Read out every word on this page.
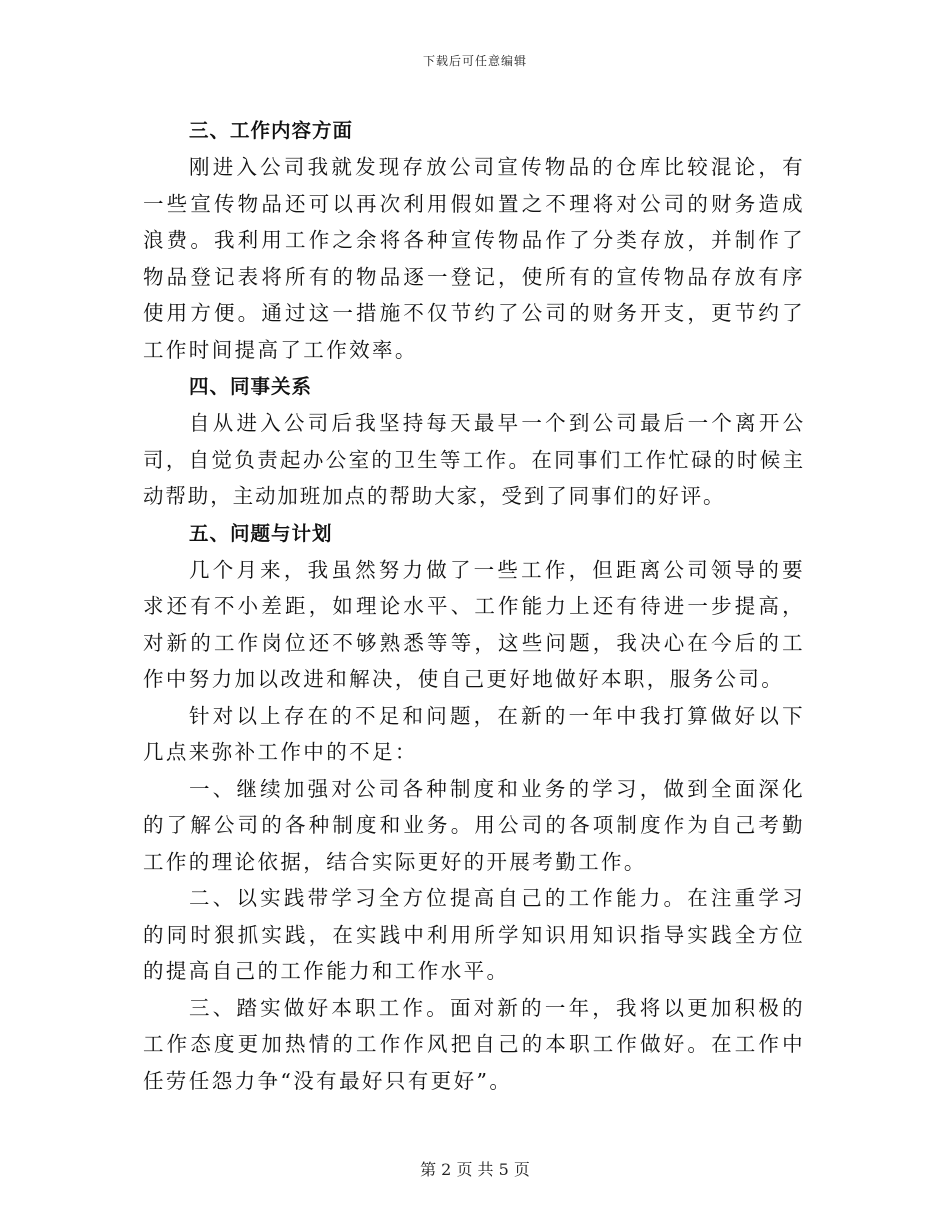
下载后可任意编辑
三、工作内容方面

刚进入公司我就发现存放公司宣传物品的仓库比较混论，有一些宣传物品还可以再次利用假如置之不理将对公司的财务造成浪费。我利用工作之余将各种宣传物品作了分类存放，并制作了物品登记表将所有的物品逐一登记，使所有的宣传物品存放有序使用方便。通过这一措施不仅节约了公司的财务开支，更节约了工作时间提高了工作效率。

四、同事关系

自从进入公司后我坚持每天最早一个到公司最后一个离开公司，自觉负责起办公室的卫生等工作。在同事们工作忙碌的时候主动帮助，主动加班加点的帮助大家，受到了同事们的好评。

五、问题与计划

几个月来，我虽然努力做了一些工作，但距离公司领导的要求还有不小差距，如理论水平、工作能力上还有待进一步提高，对新的工作岗位还不够熟悉等等，这些问题，我决心在今后的工作中努力加以改进和解决，使自己更好地做好本职，服务公司。

针对以上存在的不足和问题，在新的一年中我打算做好以下几点来弥补工作中的不足：

一、继续加强对公司各种制度和业务的学习，做到全面深化的了解公司的各种制度和业务。用公司的各项制度作为自己考勤工作的理论依据，结合实际更好的开展考勤工作。

二、以实践带学习全方位提高自己的工作能力。在注重学习的同时狠抓实践，在实践中利用所学知识用知识指导实践全方位的提高自己的工作能力和工作水平。

三、踏实做好本职工作。面对新的一年，我将以更加积极的工作态度更加热情的工作作风把自己的本职工作做好。在工作中任劳任怨力争“没有最好只有更好”。

第 2 页 共 5 页
